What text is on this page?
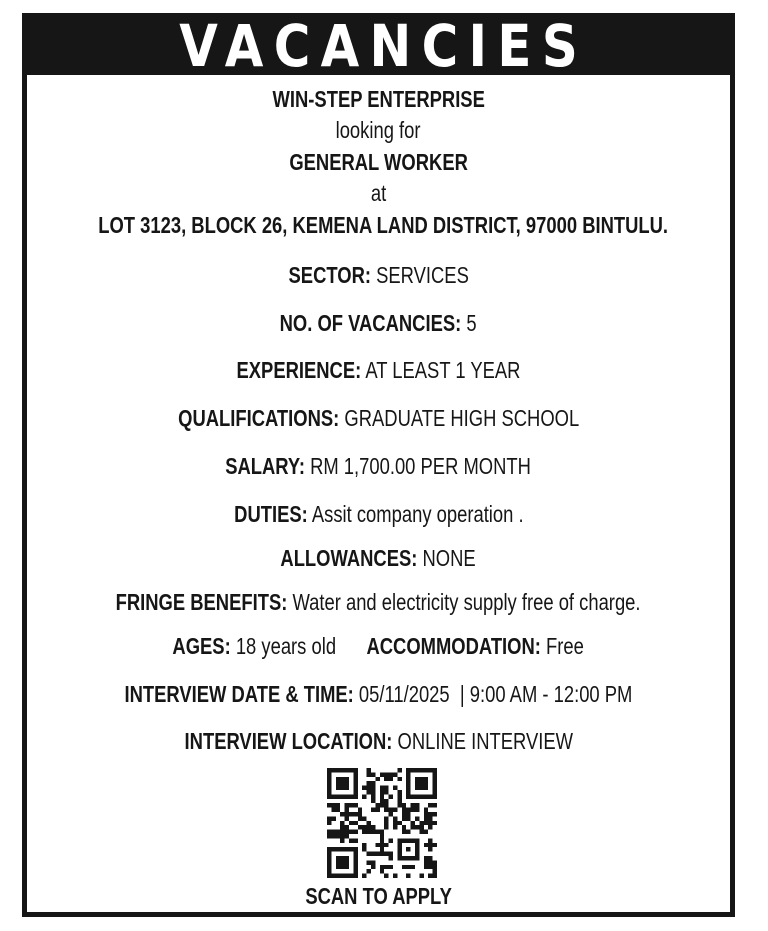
VACANCIES
WIN-STEP ENTERPRISE
looking for
GENERAL WORKER
at
LOT 3123, BLOCK 26, KEMENA LAND DISTRICT, 97000 BINTULU.
SECTOR: SERVICES
NO. OF VACANCIES: 5
EXPERIENCE: AT LEAST 1 YEAR
QUALIFICATIONS: GRADUATE HIGH SCHOOL
SALARY: RM 1,700.00 PER MONTH
DUTIES: Assit company operation .
ALLOWANCES: NONE
FRINGE BENEFITS: Water and electricity supply free of charge.
AGES: 18 years old ACCOMMODATION: Free
INTERVIEW DATE & TIME: 05/11/2025  | 9:00 AM - 12:00 PM
INTERVIEW LOCATION: ONLINE INTERVIEW
SCAN TO APPLY
